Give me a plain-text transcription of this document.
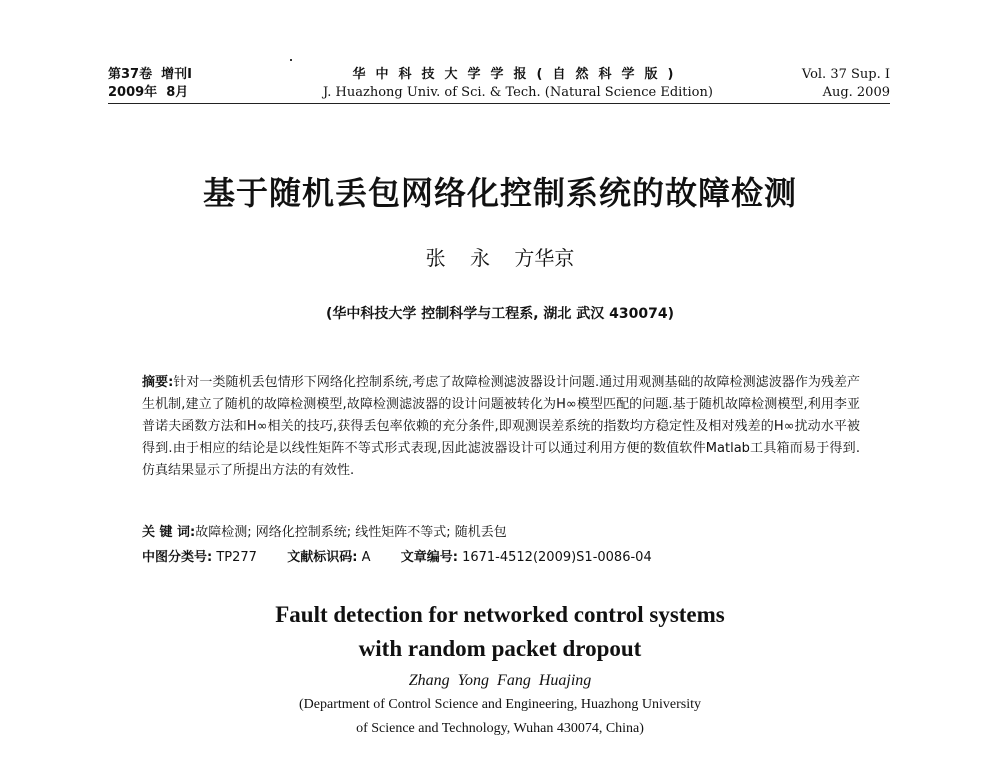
第37卷 增刊Ⅰ
2009年 8月
华中科技大学学报(自然科学版)
J. Huazhong Univ. of Sci. & Tech. (Natural Science Edition)
Vol. 37 Sup. Ⅰ
Aug. 2009
基于随机丢包网络化控制系统的故障检测
张 永 方华京
(华中科技大学 控制科学与工程系, 湖北 武汉 430074)
摘要:针对一类随机丢包情形下网络化控制系统,考虑了故障检测滤波器设计问题.通过用观测基础的故障检测滤波器作为残差产生机制,建立了随机的故障检测模型,故障检测滤波器的设计问题被转化为H∞模型匹配的问题.基于随机故障检测模型,利用李亚普诺夫函数方法和H∞相关的技巧,获得丢包率依赖的充分条件,即观测误差系统的指数均方稳定性及相对残差的H∞扰动水平被得到.由于相应的结论是以线性矩阵不等式形式表现,因此滤波器设计可以通过利用方便的数值软件Matlab工具箱而易于得到.仿真结果显示了所提出方法的有效性.
关 键 词:故障检测; 网络化控制系统; 线性矩阵不等式; 随机丢包
中图分类号: TP277 文献标识码: A 文章编号: 1671-4512(2009)S1-0086-04
Fault detection for networked control systems
with random packet dropout
Zhang Yong Fang Huajing
(Department of Control Science and Engineering, Huazhong University
of Science and Technology, Wuhan 430074, China)
